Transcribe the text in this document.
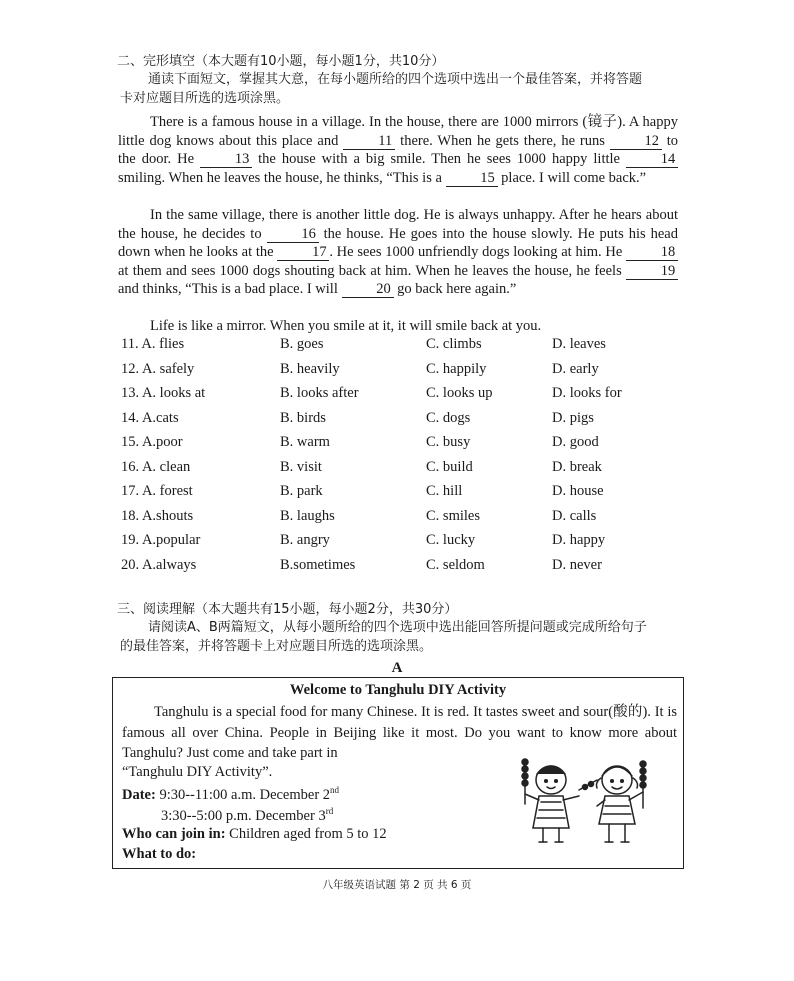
二、完形填空（本大题有10小题，每小题1分，共10分）
通读下面短文，掌握其大意，在每小题所给的四个选项中选出一个最佳答案，并将答题
卡对应题目所选的选项涂黑。
There is a famous house in a village. In the house, there are 1000 mirrors (镜子). A happy little dog knows about this place and 11 there. When he gets there, he runs 12 to the door. He 13 the house with a big smile. Then he sees 1000 happy little 14 smiling. When he leaves the house, he thinks, “This is a 15 place. I will come back.”
In the same village, there is another little dog. He is always unhappy. After he hears about the house, he decides to 16 the house. He goes into the house slowly. He puts his head down when he looks at the 17 . He sees 1000 unfriendly dogs looking at him. He 18 at them and sees 1000 dogs shouting back at him. When he leaves the house, he feels 19 and thinks, “This is a bad place. I will 20 go back here again.”
Life is like a mirror. When you smile at it, it will smile back at you.
11. A. flies	B. goes	C. climbs	D. leaves
12. A. safely	B. heavily	C. happily	D. early
13. A. looks at	B. looks after	C. looks up	D. looks for
14. A.cats	B. birds	C. dogs	D. pigs
15. A.poor	B. warm	C. busy	D. good
16. A. clean	B. visit	C. build	D. break
17. A. forest	B. park	C. hill	D. house
18. A.shouts	B. laughs	C. smiles	D. calls
19. A.popular	B. angry	C. lucky	D. happy
20. A.always	B.sometimes	C. seldom	D. never
三、阅读理解（本大题共有15小题，每小题2分，共30分）
请阅读A、B两篇短文，从每小题所给的四个选项中选出能回答所提问题或完成所给句子
的最佳答案，并将答题卡上对应题目所选的选项涂黑。
A
Welcome to Tanghulu DIY Activity
Tanghulu is a special food for many Chinese. It is red. It tastes sweet and sour(酸的). It is famous all over China. People in Beijing like it most. Do you want to know more about Tanghulu? Just come and take part in
“Tanghulu DIY Activity”.
Date: 9:30--11:00 a.m. December 2nd
3:30--5:00 p.m. December 3rd
Who can join in: Children aged from 5 to 12
What to do:
八年级英语试题 第 2 页 共 6 页
